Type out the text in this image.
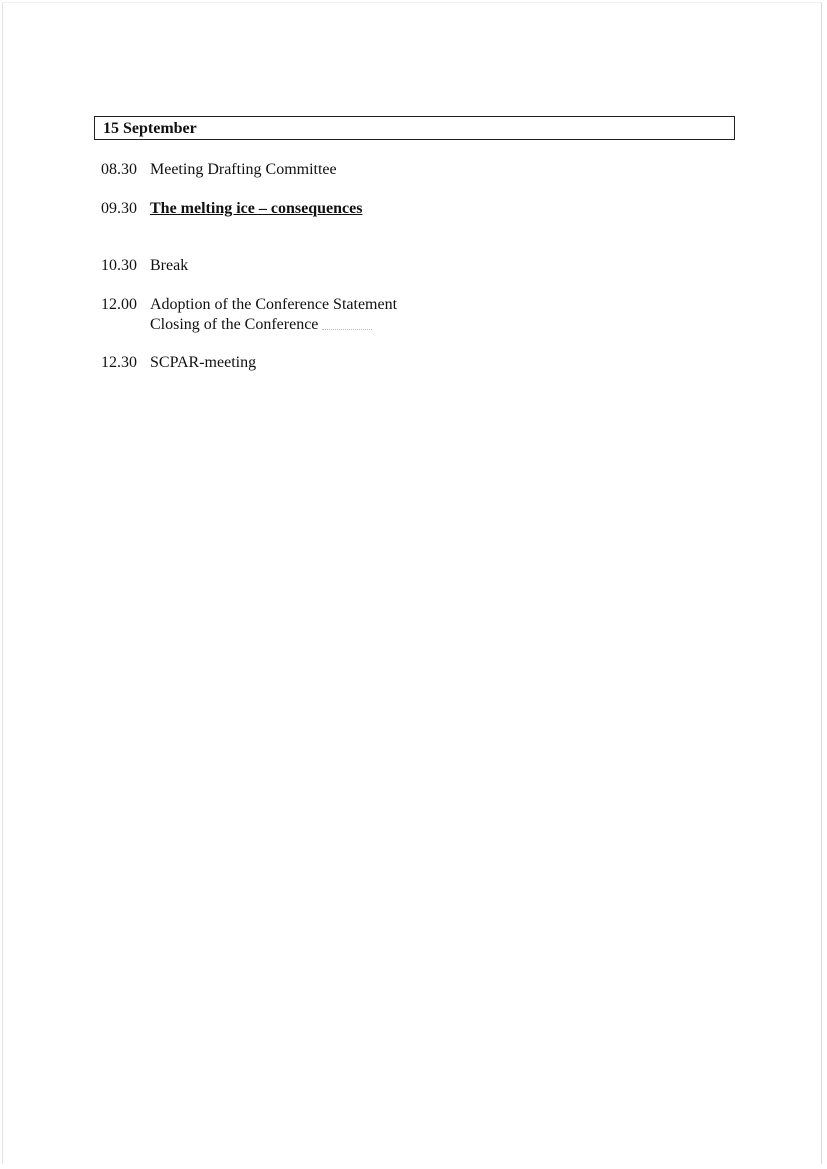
15 September
08.30 Meeting Drafting Committee
09.30 The melting ice – consequences
10.30 Break
12.00 Adoption of the Conference Statement
Closing of the Conference
12.30 SCPAR-meeting
